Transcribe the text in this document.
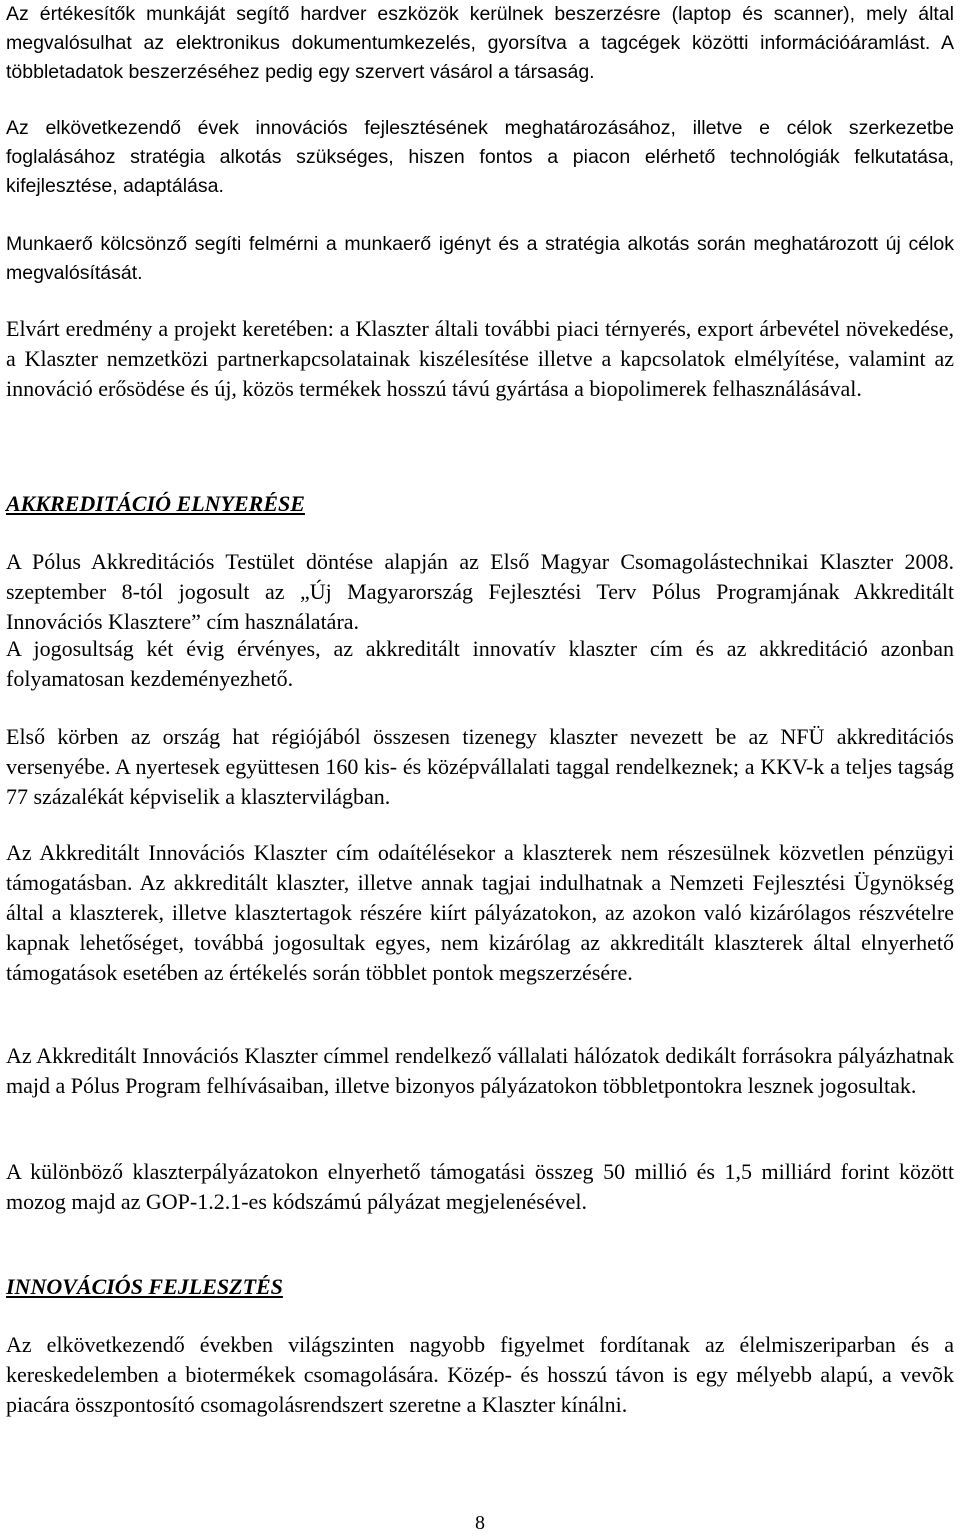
Az értékesítők munkáját segítő hardver eszközök kerülnek beszerzésre (laptop és scanner), mely által megvalósulhat az elektronikus dokumentumkezelés, gyorsítva a tagcégek közötti információáramlást. A többletadatok beszerzéséhez pedig egy szervert vásárol a társaság.

Az elkövetkezendő évek innovációs fejlesztésének meghatározásához, illetve e célok szerkezetbe foglalásához stratégia alkotás szükséges, hiszen fontos a piacon elérhető technológiák felkutatása, kifejlesztése, adaptálása.

Munkaerő kölcsönző segíti felmérni a munkaerő igényt és a stratégia alkotás során meghatározott új célok megvalósítását.

Elvárt eredmény a projekt keretében: a Klaszter általi további piaci térnyerés, export árbevétel növekedése, a Klaszter nemzetközi partnerkapcsolatainak kiszélesítése illetve a kapcsolatok elmélyítése, valamint az innováció erősödése és új, közös termékek hosszú távú gyártása a biopolimerek felhasználásával.

AKKREDITÁCIÓ ELNYERÉSE

A Pólus Akkreditációs Testület döntése alapján az Első Magyar Csomagolástechnikai Klaszter 2008. szeptember 8-tól jogosult az „Új Magyarország Fejlesztési Terv Pólus Programjának Akkreditált Innovációs Klasztere” cím használatára.

A jogosultság két évig érvényes, az akkreditált innovatív klaszter cím és az akkreditáció azonban folyamatosan kezdeményezhető.

Első körben az ország hat régiójából összesen tizenegy klaszter nevezett be az NFÜ akkreditációs versenyébe. A nyertesek együttesen 160 kis- és középvállalati taggal rendelkeznek; a KKV-k a teljes tagság 77 százalékát képviselik a klasztervilágban.

Az Akkreditált Innovációs Klaszter cím odaítélésekor a klaszterek nem részesülnek közvetlen pénzügyi támogatásban. Az akkreditált klaszter, illetve annak tagjai indulhatnak a Nemzeti Fejlesztési Ügynökség által a klaszterek, illetve klasztertagok részére kiírt pályázatokon, az azokon való kizárólagos részvételre kapnak lehetőséget, továbbá jogosultak egyes, nem kizárólag az akkreditált klaszterek által elnyerhető támogatások esetében az értékelés során többlet pontok megszerzésére.

Az Akkreditált Innovációs Klaszter címmel rendelkező vállalati hálózatok dedikált forrásokra pályázhatnak majd a Pólus Program felhívásaiban, illetve bizonyos pályázatokon többletpontokra lesznek jogosultak.

A különböző klaszterpályázatokon elnyerhető támogatási összeg 50 millió és 1,5 milliárd forint között mozog majd az GOP-1.2.1-es kódszámú pályázat megjelenésével.

INNOVÁCIÓS FEJLESZTÉS

Az elkövetkezendő években világszinten nagyobb figyelmet fordítanak az élelmiszeriparban és a kereskedelemben a biotermékek csomagolására. Közép- és hosszú távon is egy mélyebb alapú, a vevõk piacára összpontosító csomagolásrendszert szeretne a Klaszter kínálni.

8
